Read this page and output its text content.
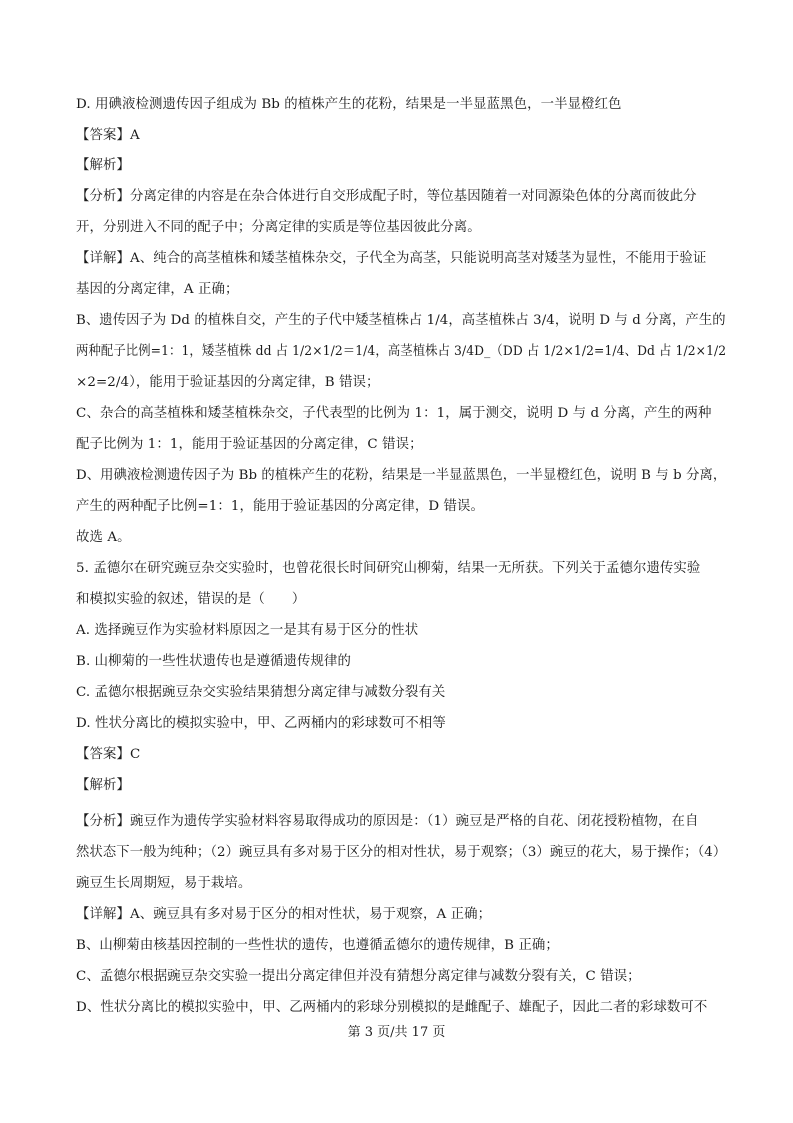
D. 用碘液检测遗传因子组成为 Bb 的植株产生的花粉，结果是一半显蓝黑色，一半显橙红色
【答案】A
【解析】
【分析】分离定律的内容是在杂合体进行自交形成配子时，等位基因随着一对同源染色体的分离而彼此分
开，分别进入不同的配子中；分离定律的实质是等位基因彼此分离。
【详解】A、纯合的高茎植株和矮茎植株杂交，子代全为高茎，只能说明高茎对矮茎为显性，不能用于验证
基因的分离定律，A 正确；
B、遗传因子为 Dd 的植株自交，产生的子代中矮茎植株占 1/4，高茎植株占 3/4，说明 D 与 d 分离，产生的
两种配子比例=1：1，矮茎植株 dd 占 1/2×1/2＝1/4，高茎植株占 3/4D_（DD 占 1/2×1/2=1/4、Dd 占 1/2×1/2
×2=2/4），能用于验证基因的分离定律，B 错误；
C、杂合的高茎植株和矮茎植株杂交，子代表型的比例为 1：1，属于测交，说明 D 与 d 分离，产生的两种
配子比例为 1：1，能用于验证基因的分离定律，C 错误；
D、用碘液检测遗传因子为 Bb 的植株产生的花粉，结果是一半显蓝黑色，一半显橙红色，说明 B 与 b 分离，
产生的两种配子比例=1：1，能用于验证基因的分离定律，D 错误。
故选 A。
5. 孟德尔在研究豌豆杂交实验时，也曾花很长时间研究山柳菊，结果一无所获。下列关于孟德尔遗传实验
和模拟实验的叙述，错误的是（　　）
A. 选择豌豆作为实验材料原因之一是其有易于区分的性状
B. 山柳菊的一些性状遗传也是遵循遗传规律的
C. 孟德尔根据豌豆杂交实验结果猜想分离定律与减数分裂有关
D. 性状分离比的模拟实验中，甲、乙两桶内的彩球数可不相等
【答案】C
【解析】
【分析】豌豆作为遗传学实验材料容易取得成功的原因是：（1）豌豆是严格的自花、闭花授粉植物，在自
然状态下一般为纯种；（2）豌豆具有多对易于区分的相对性状，易于观察；（3）豌豆的花大，易于操作；（4）
豌豆生长周期短，易于栽培。
【详解】A、豌豆具有多对易于区分的相对性状，易于观察，A 正确；
B、山柳菊由核基因控制的一些性状的遗传，也遵循孟德尔的遗传规律，B 正确；
C、孟德尔根据豌豆杂交实验一提出分离定律但并没有猜想分离定律与减数分裂有关，C 错误；
D、性状分离比的模拟实验中，甲、乙两桶内的彩球分别模拟的是雌配子、雄配子，因此二者的彩球数可不
第 3 页/共 17 页
